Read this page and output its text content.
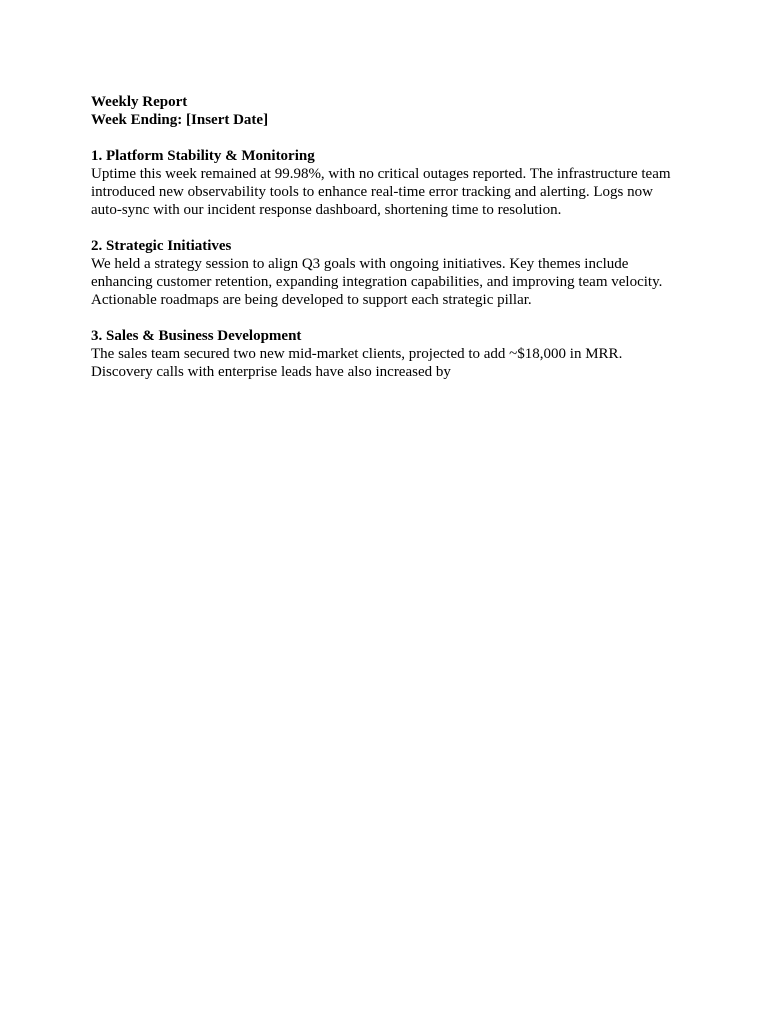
Weekly Report
Week Ending: [Insert Date]
1. Platform Stability & Monitoring
Uptime this week remained at 99.98%, with no critical outages reported. The infrastructure team
introduced new observability tools to enhance real-time error tracking and alerting. Logs now
auto-sync with our incident response dashboard, shortening time to resolution.
2. Strategic Initiatives
We held a strategy session to align Q3 goals with ongoing initiatives. Key themes include
enhancing customer retention, expanding integration capabilities, and improving team velocity.
Actionable roadmaps are being developed to support each strategic pillar.
3. Sales & Business Development
The sales team secured two new mid-market clients, projected to add ~$18,000 in MRR.
Discovery calls with enterprise leads have also increased by
